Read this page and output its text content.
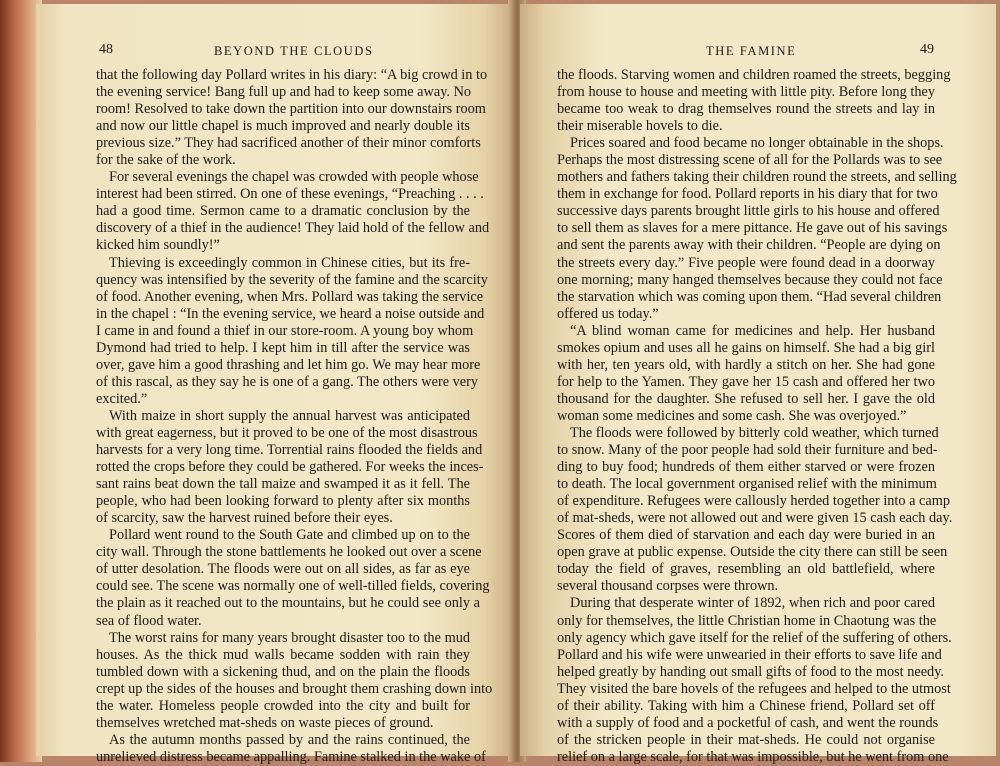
48	BEYOND THE CLOUDS
that the following day Pollard writes in his diary: “A big crowd in to
the evening service! Bang full up and had to keep some away. No
room! Resolved to take down the partition into our downstairs room
and now our little chapel is much improved and nearly double its
previous size.” They had sacrificed another of their minor comforts
for the sake of the work.
For several evenings the chapel was crowded with people whose
interest had been stirred. On one of these evenings, “Preaching . . . .
had a good time. Sermon came to a dramatic conclusion by the
discovery of a thief in the audience! They laid hold of the fellow and
kicked him soundly!”
Thieving is exceedingly common in Chinese cities, but its fre-
quency was intensified by the severity of the famine and the scarcity
of food. Another evening, when Mrs. Pollard was taking the service
in the chapel : “In the evening service, we heard a noise outside and
I came in and found a thief in our store-room. A young boy whom
Dymond had tried to help. I kept him in till after the service was
over, gave him a good thrashing and let him go. We may hear more
of this rascal, as they say he is one of a gang. The others were very
excited.”
With maize in short supply the annual harvest was anticipated
with great eagerness, but it proved to be one of the most disastrous
harvests for a very long time. Torrential rains flooded the fields and
rotted the crops before they could be gathered. For weeks the inces-
sant rains beat down the tall maize and swamped it as it fell. The
people, who had been looking forward to plenty after six months
of scarcity, saw the harvest ruined before their eyes.
Pollard went round to the South Gate and climbed up on to the
city wall. Through the stone battlements he looked out over a scene
of utter desolation. The floods were out on all sides, as far as eye
could see. The scene was normally one of well-tilled fields, covering
the plain as it reached out to the mountains, but he could see only a
sea of flood water.
The worst rains for many years brought disaster too to the mud
houses. As the thick mud walls became sodden with rain they
tumbled down with a sickening thud, and on the plain the floods
crept up the sides of the houses and brought them crashing down into
the water. Homeless people crowded into the city and built for
themselves wretched mat-sheds on waste pieces of ground.
As the autumn months passed by and the rains continued, the
unrelieved distress became appalling. Famine stalked in the wake of
THE FAMINE	49
the floods. Starving women and children roamed the streets, begging
from house to house and meeting with little pity. Before long they
became too weak to drag themselves round the streets and lay in
their miserable hovels to die.
Prices soared and food became no longer obtainable in the shops.
Perhaps the most distressing scene of all for the Pollards was to see
mothers and fathers taking their children round the streets, and selling
them in exchange for food. Pollard reports in his diary that for two
successive days parents brought little girls to his house and offered
to sell them as slaves for a mere pittance. He gave out of his savings
and sent the parents away with their children. “People are dying on
the streets every day.” Five people were found dead in a doorway
one morning; many hanged themselves because they could not face
the starvation which was coming upon them. “Had several children
offered us today.”
“A blind woman came for medicines and help. Her husband
smokes opium and uses all he gains on himself. She had a big girl
with her, ten years old, with hardly a stitch on her. She had gone
for help to the Yamen. They gave her 15 cash and offered her two
thousand for the daughter. She refused to sell her. I gave the old
woman some medicines and some cash. She was overjoyed.”
The floods were followed by bitterly cold weather, which turned
to snow. Many of the poor people had sold their furniture and bed-
ding to buy food; hundreds of them either starved or were frozen
to death. The local government organised relief with the minimum
of expenditure. Refugees were callously herded together into a camp
of mat-sheds, were not allowed out and were given 15 cash each day.
Scores of them died of starvation and each day were buried in an
open grave at public expense. Outside the city there can still be seen
today the field of graves, resembling an old battlefield, where
several thousand corpses were thrown.
During that desperate winter of 1892, when rich and poor cared
only for themselves, the little Christian home in Chaotung was the
only agency which gave itself for the relief of the suffering of others.
Pollard and his wife were unwearied in their efforts to save life and
helped greatly by handing out small gifts of food to the most needy.
They visited the bare hovels of the refugees and helped to the utmost
of their ability. Taking with him a Chinese friend, Pollard set off
with a supply of food and a pocketful of cash, and went the rounds
of the stricken people in their mat-sheds. He could not organise
relief on a large scale, for that was impossible, but he went from one
